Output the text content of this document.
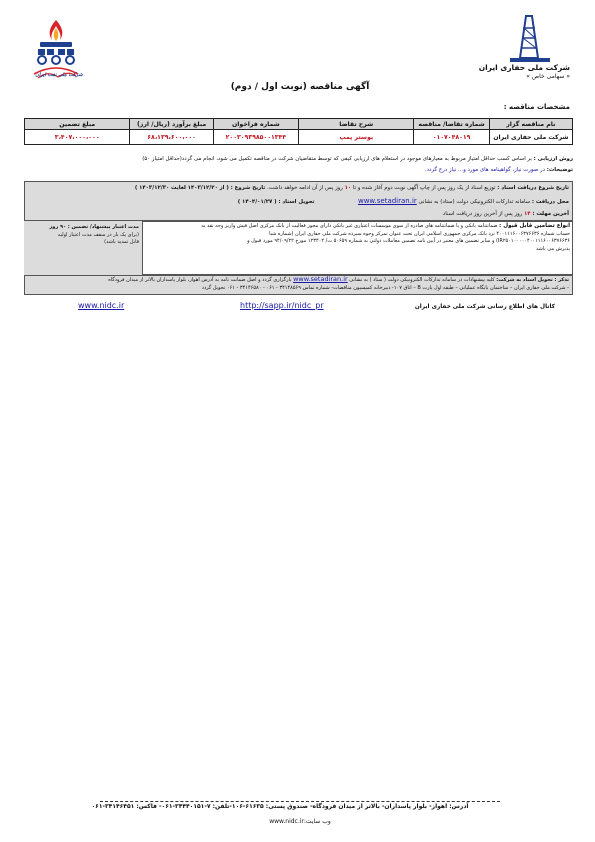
شرکت ملی حفاری ایران
« سهامی خاص »
شرکت ملی نفت ایران
آگهی مناقصه (نوبت اول / دوم)
مشخصات مناقصه :
نام مناقصه گزار	شماره تقاضا/ مناقصه	شرح تقاضا	شماره فراخوان	مبلغ برآورد (ریال/ ارز)	مبلغ تضمین
شرکت ملی حفاری ایران	۰۱۰۷۰۴۸۰۱۹	بوستر پمپ	۲۰۰۳۰۹۳۹۸۵۰۰۱۳۴۴	۶۸،۱۳۹،۶۰۰،۰۰۰	۳،۴۰۷،۰۰۰،۰۰۰
روش ارزیابی : بر اساس کسب حداقل امتیاز مربوط به معیارهای موجود در استعلام های ارزیابی کیفی که توسط متقاضیان شرکت در مناقصه تکمیل می شود، انجام می گردد(حداقل امتیاز ۵۰)
توضیحات: در صورت نیاز، گواهینامه های مورد و... نیاز درج گردد.
تاریخ شروع دریافت اسناد : توزیع اسناد از یک روز پس از چاپ آگهی نوبت دوم آغاز شده و تا ۱۰ روز پس از آن ادامه خواهد داشت. تاریخ شروع : ( از ۱۴۰۳/۱۲/۲۰ لغایت ۱۴۰۳/۱۲/۳۰ )
محل دریافت : سامانه تدارکات الکترونیکی دولت (ستاد) به نشانی www.setadiran.ir  تحویل اسناد : ( ۱۴۰۴/۰۱/۲۷ )
آخرین مهلت : ۱۴ روز پس از آخرین روز دریافت اسناد
انواع تضامین قابل قبول : ضمانتنامه بانکی و یا ضمانتنامه های صادره از سوی موسسات اعتباری غیر بانکی دارای مجوز فعالیت از بانک مرکزی اصل فیش واریز وجه نقد به
حساب شماره ۴۰۰۱۱۱۶۰۰۶۳۷۶۶۳۶ نزد بانک مرکزی جمهوری اسلامی ایران تحت عنوان تمرکز وجوه سپرده شرکت ملی حفاری ایران (شماره شبا
IR۲۵۰۱۰۰۰۰۰۴۰۰۱۱۱۶۰۰۶۳۷۶۶۳۶) و سایر تضمین های معتبر در آیین نامه تضمین معاملات دولتی به شماره ۵۰۶۵۹ ت/ ۱۲۳۴۰۲ مورخ ۹۴/۰۹/۲۲ مورد قبول و
پذیرش می باشد
مدت اعتبار پیشنهاد/ تضمین : ۹۰ روز
(برای یک بار در سقف مدت اعتبار اولیه
قابل تمدید باشد)
تذکر : تحویل اسناد به شرکت: کلیه پیشنهادات در سامانه تدارکات الکترونیکی دولت ( ستاد ) به نشانی www.setadiran.ir بارگزاری گردد و اصل ضمانت نامه به آدرس اهواز، بلوار پاسداران بالاتر از میدان فرودگاه
- شرکت ملی حفاری ایران – ساختمان بابگاه عملیاتی – طبقه اول پارت B – اتاق ۱۰۷- دبیرخانه کمیسیون مناقصات- شماره تماس ۳۴۱۴۸۵۶۹ - ۰۶۱ - ۳۴۱۴۶۵۸۰ - ۰۶۱ تحویل گردد
کانال های اطلاع رسانی شرکت ملی حفاری ایران
http://sapp.ir/nidc_pr
www.nidc.ir
آدرس: اهواز- بلوار پاسداران- بالاتر از میدان فرودگاه- صندوق پستی: ۶۱۶۳۵-۱۰۶-تلفن: ۷-۳۴۴۴۰۱۵۱-۰۶۱- فاکس: ۳۴۱۴۶۴۵۱-۰۶۱
وب سایت:www.nidc.ir
